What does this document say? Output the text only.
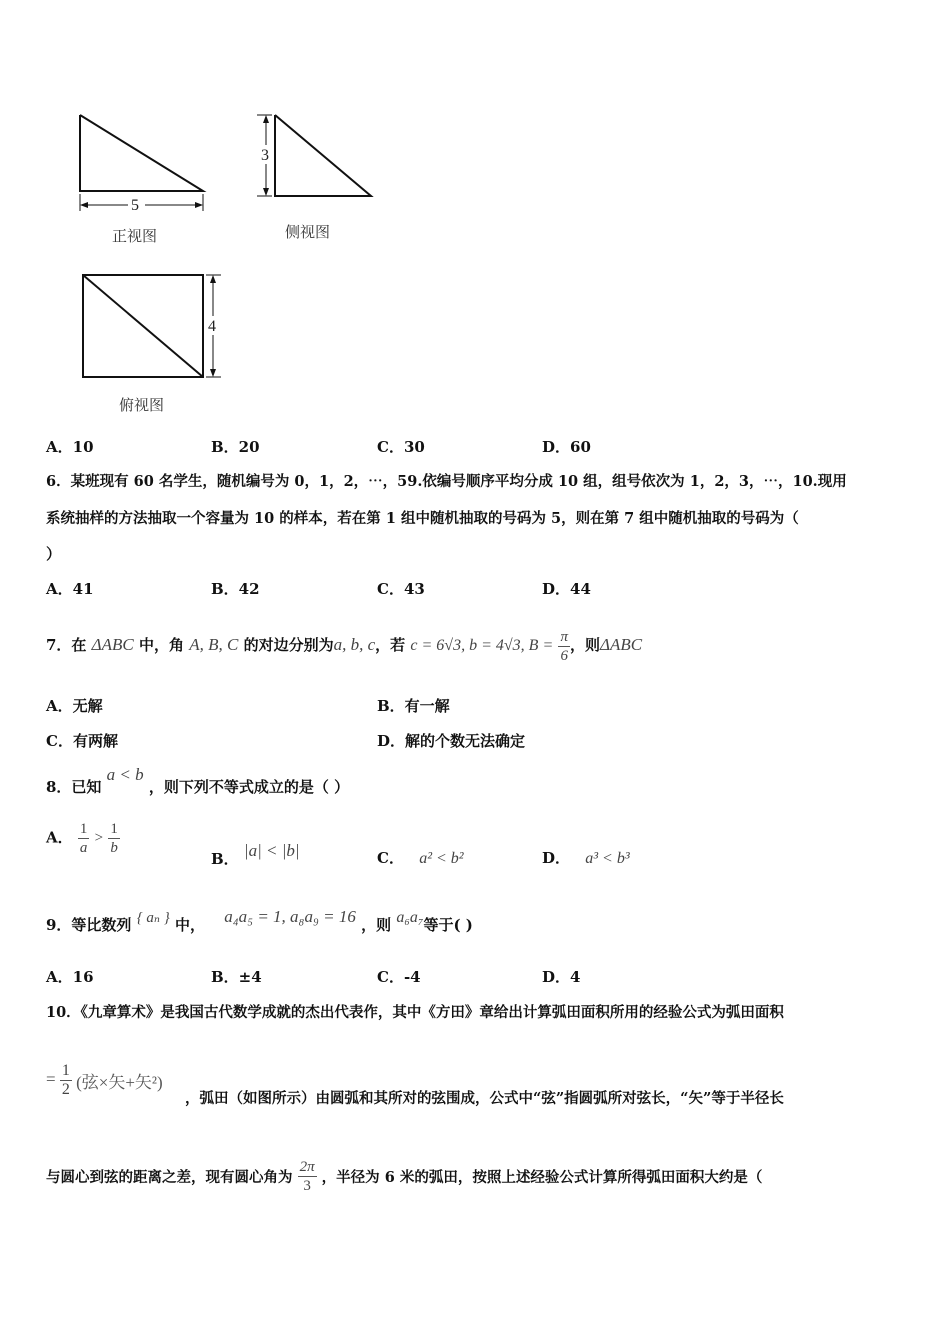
5
3
4
正视图	侧视图
俯视图
A．10	B．20	C．30	D．60
6．某班现有 60 名学生，随机编号为 0，1，2，⋯，59.依编号顺序平均分成 10 组，组号依次为 1，2，3，⋯，10.现用
系统抽样的方法抽取一个容量为 10 的样本，若在第 1 组中随机抽取的号码为 5，则在第 7 组中随机抽取的号码为（
）
A．41	B．42	C．43	D．44
7．在 ΔABC 中，角 A, B, C 的对边分别为a, b, c，若 c = 6√3, b = 4√3, $B = \frac{\pi}{6}$ ，则ΔABC
A．无解	B．有一解
C．有两解	D．解的个数无法确定
8．已知 a < b ，则下列不等式成立的是（ ）
A． $\frac{1}{a} > \frac{1}{b}$
B． |a| < |b|	C． a² < b²	D． a³ < b³
9．等比数列 { aₙ } 中， a₄a₅ = 1, a₈a₉ = 16 ，则 a₆a₇等于( )
A．16	B．±4	C．-4	D．4
10．《九章算术》是我国古代数学成就的杰出代表作，其中《方田》章给出计算弧田面积所用的经验公式为弧田面积
= $\frac{1}{2}$ (弦×矢+矢²)
，弧田（如图所示）由圆弧和其所对的弦围成，公式中“弦”指圆弧所对弦长，“矢”等于半径长
与圆心到弦的距离之差，现有圆心角为 $\frac{2\pi}{3}$ ，半径为 6 米的弧田，按照上述经验公式计算所得弧田面积大约是（
